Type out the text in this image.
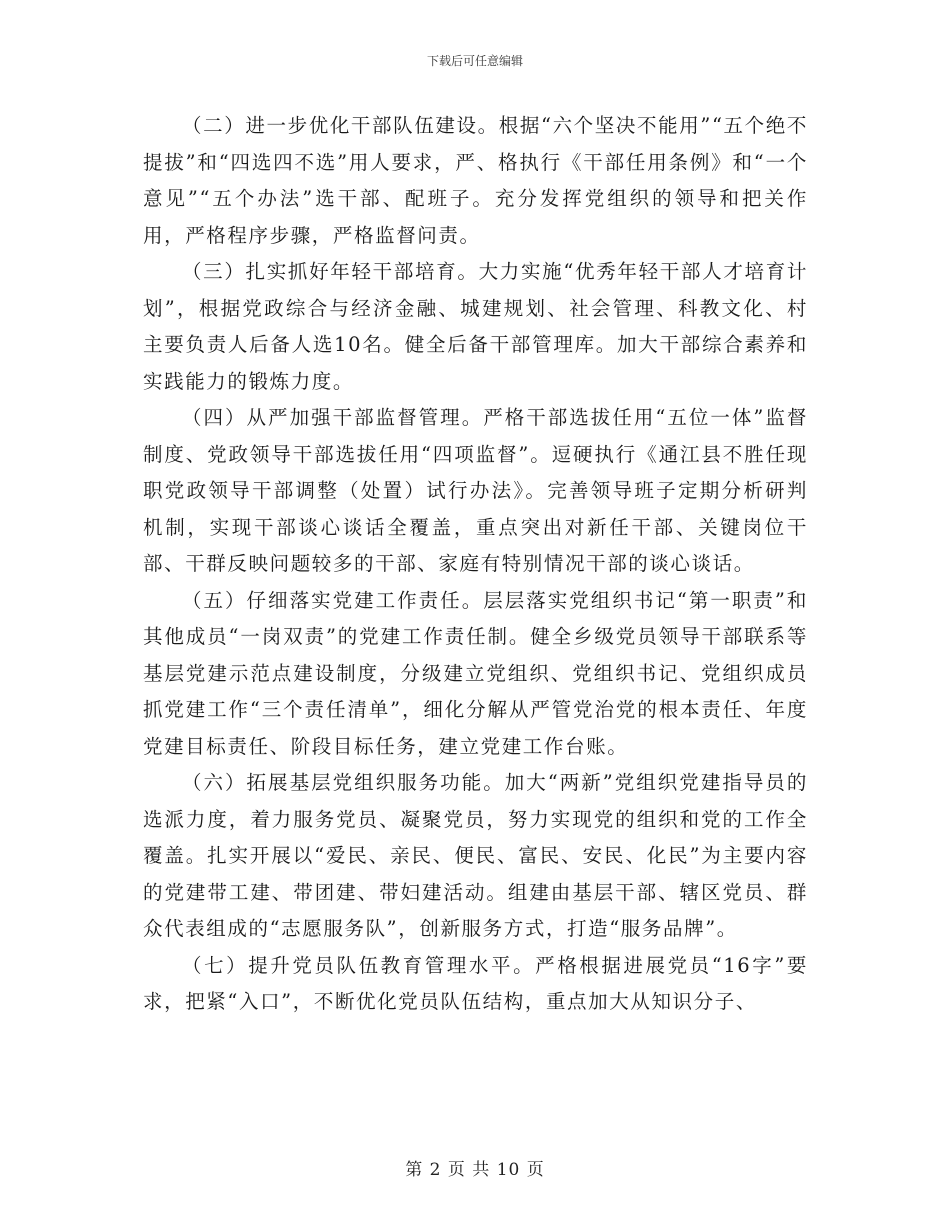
下载后可任意编辑

（二）进一步优化干部队伍建设。根据“六个坚决不能用”“五个绝不提拔”和“四选四不选”用人要求，严、格执行《干部任用条例》和“一个意见”“五个办法”选干部、配班子。充分发挥党组织的领导和把关作用，严格程序步骤，严格监督问责。

（三）扎实抓好年轻干部培育。大力实施“优秀年轻干部人才培育计划”，根据党政综合与经济金融、城建规划、社会管理、科教文化、村主要负责人后备人选10名。健全后备干部管理库。加大干部综合素养和实践能力的锻炼力度。

（四）从严加强干部监督管理。严格干部选拔任用“五位一体”监督制度、党政领导干部选拔任用“四项监督”。逗硬执行《通江县不胜任现职党政领导干部调整（处置）试行办法》。完善领导班子定期分析研判机制，实现干部谈心谈话全覆盖，重点突出对新任干部、关键岗位干部、干群反映问题较多的干部、家庭有特别情况干部的谈心谈话。

（五）仔细落实党建工作责任。层层落实党组织书记“第一职责”和其他成员“一岗双责”的党建工作责任制。健全乡级党员领导干部联系等基层党建示范点建设制度，分级建立党组织、党组织书记、党组织成员抓党建工作“三个责任清单”，细化分解从严管党治党的根本责任、年度党建目标责任、阶段目标任务，建立党建工作台账。

（六）拓展基层党组织服务功能。加大“两新”党组织党建指导员的选派力度，着力服务党员、凝聚党员，努力实现党的组织和党的工作全覆盖。扎实开展以“爱民、亲民、便民、富民、安民、化民”为主要内容的党建带工建、带团建、带妇建活动。组建由基层干部、辖区党员、群众代表组成的“志愿服务队”，创新服务方式，打造“服务品牌”。

（七）提升党员队伍教育管理水平。严格根据进展党员“16字”要求，把紧“入口”，不断优化党员队伍结构，重点加大从知识分子、

第 2 页 共 10 页
